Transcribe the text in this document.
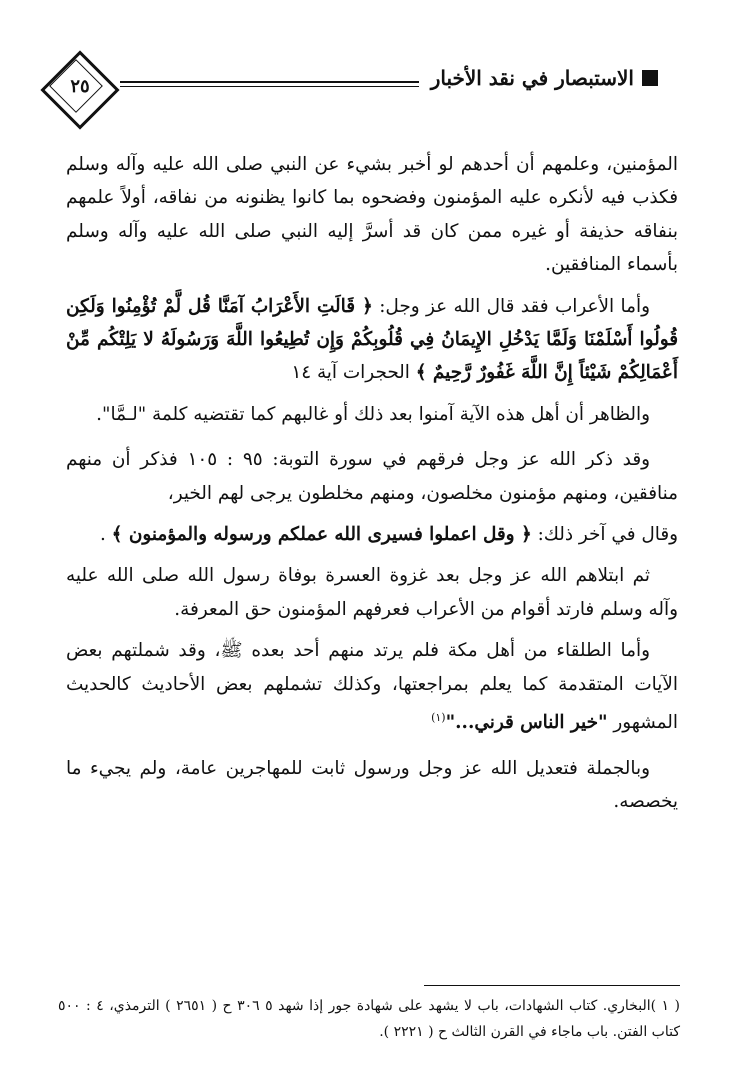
الاستبصار في نقد الأخبار
٢٥

المؤمنين، وعلمهم أن أحدهم لو أخبر بشيء عن النبي صلى الله عليه وآله وسلم فكذب فيه لأنكره عليه المؤمنون وفضحوه بما كانوا يظنونه من نفاقه، أولاً علمهم بنفاقه حذيفة أو غيره ممن كان قد أسرَّ إليه النبي صلى الله عليه وآله وسلم بأسماء المنافقين.

وأما الأعراب فقد قال الله عز وجل: ﴿ قَالَتِ الأَعْرَابُ آمَنَّا قُل لَّمْ تُؤْمِنُوا وَلَكِن قُولُوا أَسْلَمْنَا وَلَمَّا يَدْخُلِ الإِيمَانُ فِي قُلُوبِكُمْ وَإِن تُطِيعُوا اللَّهَ وَرَسُولَهُ لا يَلِتْكُم مِّنْ أَعْمَالِكُمْ شَيْئاً إِنَّ اللَّهَ غَفُورٌ رَّحِيمٌ ﴾ الحجرات آية ١٤

والظاهر أن أهل هذه الآية آمنوا بعد ذلك أو غالبهم كما تقتضيه كلمة "لـمَّا".

وقد ذكر الله عز وجل فرقهم في سورة التوبة: ٩٥ : ١٠٥ فذكر أن منهم منافقين، ومنهم مؤمنون مخلصون، ومنهم مخلطون يرجى لهم الخير،

وقال في آخر ذلك: ﴿ وقل اعملوا فسيرى الله عملكم ورسوله والمؤمنون ﴾ .

ثم ابتلاهم الله عز وجل بعد غزوة العسرة بوفاة رسول الله صلى الله عليه وآله وسلم فارتد أقوام من الأعراب فعرفهم المؤمنون حق المعرفة.

وأما الطلقاء من أهل مكة فلم يرتد منهم أحد بعده ﷺ، وقد شملتهم بعض الآيات المتقدمة كما يعلم بمراجعتها، وكذلك تشملهم بعض الأحاديث كالحديث المشهور "خير الناس قرني..."$^{(١)}$

وبالجملة فتعديل الله عز وجل ورسول ثابت للمهاجرين عامة، ولم يجيء ما يخصصه.

( ١ )البخاري. كتاب الشهادات، باب لا يشهد على شهادة جور إذا شهد ٥ ٣٠٦ ح ( ٢٦٥١ ) الترمذي، ٤ : ٥٠٠ كتاب الفتن. باب ماجاء في القرن الثالث ح ( ٢٢٢١ ).
